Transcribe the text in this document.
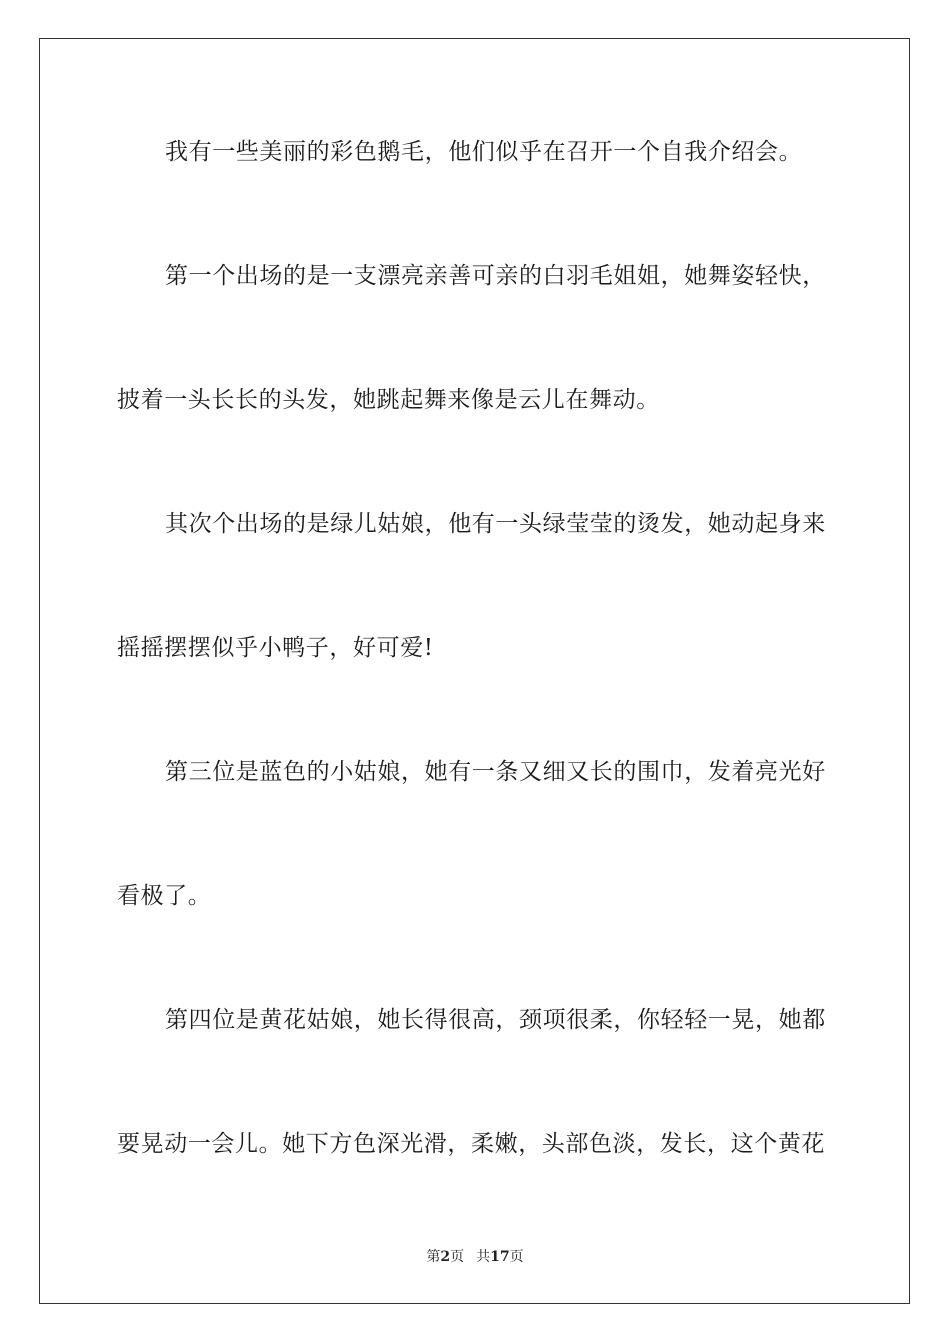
我有一些美丽的彩色鹅毛，他们似乎在召开一个自我介绍会。
第一个出场的是一支漂亮亲善可亲的白羽毛姐姐，她舞姿轻快，
披着一头长长的头发，她跳起舞来像是云儿在舞动。
其次个出场的是绿儿姑娘，他有一头绿莹莹的烫发，她动起身来
摇摇摆摆似乎小鸭子，好可爱!
第三位是蓝色的小姑娘，她有一条又细又长的围巾，发着亮光好
看极了。
第四位是黄花姑娘，她长得很高，颈项很柔，你轻轻一晃，她都
要晃动一会儿。她下方色深光滑，柔嫩，头部色淡，发长，这个黄花
第2页 共17页
